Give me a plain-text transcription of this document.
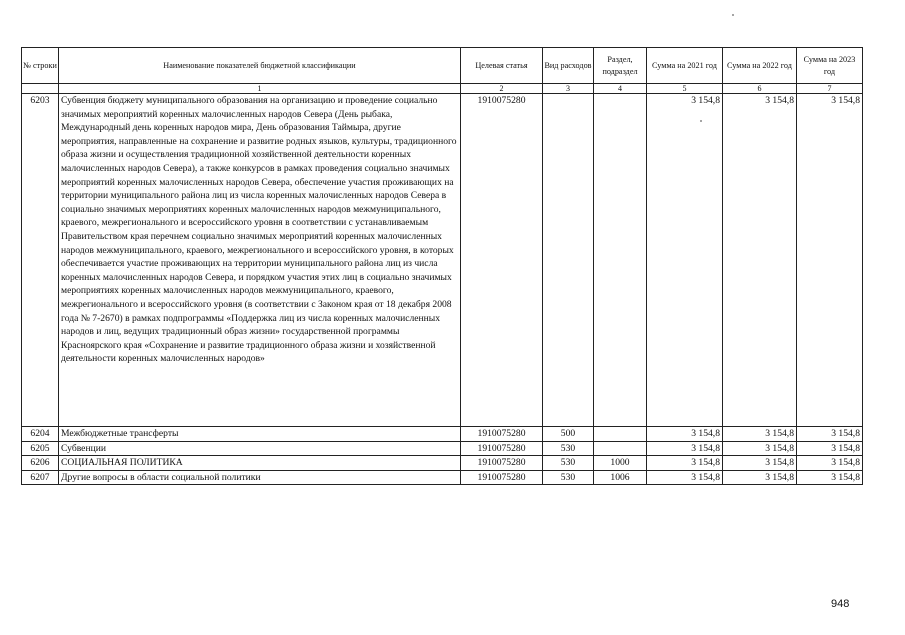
№ строки	Наименование показателей бюджетной классификации	Целевая статья	Вид расходов	Раздел, подраздел	Сумма на 2021 год	Сумма на 2022 год	Сумма на 2023 год
	1	2	3	4	5	6	7
6203	Субвенция бюджету муниципального образования на организацию и проведение социально значимых мероприятий коренных малочисленных народов Севера (День рыбака, Международный день коренных народов мира, День образования Таймыра, другие мероприятия, направленные на сохранение и развитие родных языков, культуры, традиционного образа жизни и осуществления традиционной хозяйственной деятельности коренных малочисленных народов Севера), а также конкурсов в рамках проведения социально значимых мероприятий коренных малочисленных народов Севера, обеспечение участия проживающих на территории муниципального района лиц из числа коренных малочисленных народов Севера в социально значимых мероприятиях коренных малочисленных народов межмуниципального, краевого, межрегионального и всероссийского уровня в соответствии с устанавливаемым Правительством края перечнем социально значимых мероприятий коренных малочисленных народов межмуниципального, краевого, межрегионального и всероссийского уровня, в которых обеспечивается участие проживающих на территории муниципального района лиц из числа коренных малочисленных народов Севера, и порядком участия этих лиц в социально значимых мероприятиях коренных малочисленных народов межмуниципального, краевого, межрегионального и всероссийского уровня (в соответствии с Законом края от 18 декабря 2008 года № 7-2670) в рамках подпрограммы «Поддержка лиц из числа коренных малочисленных народов и лиц, ведущих традиционный образ жизни» государственной программы Красноярского края «Сохранение и развитие традиционного образа жизни и хозяйственной деятельности коренных малочисленных народов»	1910075280			3 154,8	3 154,8	3 154,8
6204	Межбюджетные трансферты	1910075280	500		3 154,8	3 154,8	3 154,8
6205	Субвенции	1910075280	530		3 154,8	3 154,8	3 154,8
6206	СОЦИАЛЬНАЯ ПОЛИТИКА	1910075280	530	1000	3 154,8	3 154,8	3 154,8
6207	Другие вопросы в области социальной политики	1910075280	530	1006	3 154,8	3 154,8	3 154,8
948
